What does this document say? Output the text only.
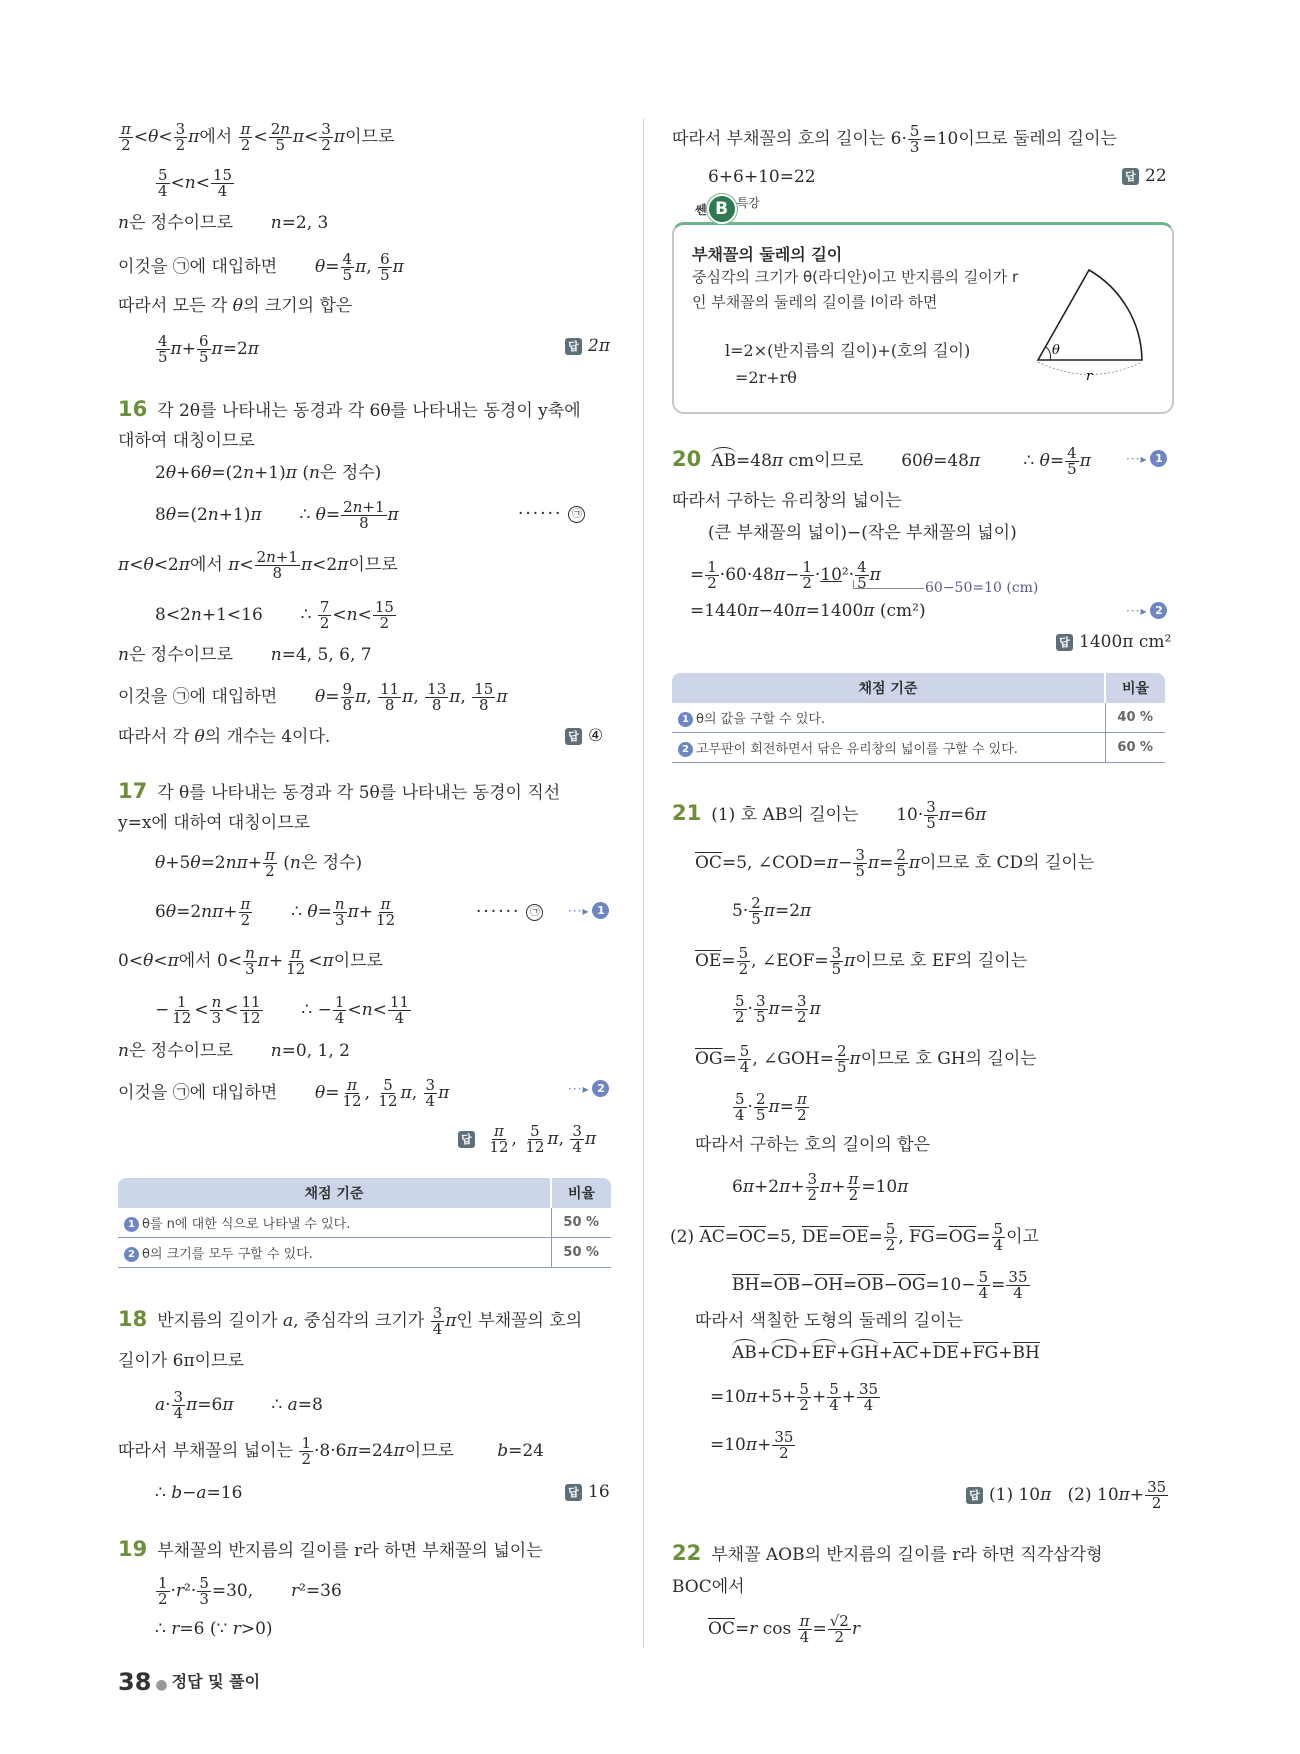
$\frac{\pi}{2} <\theta< \frac{3}{2}$ π에서 $\frac{\pi}{2} < \frac{2n}{5} \pi< \frac{3}{2}$ π이므로
$\frac{5}{4} <n< \frac{15}{4}$
n은 정수이므로       n=2, 3
이것을 ㉠에 대입하면       $\theta= \frac{4}{5} \pi$, $\frac{6}{5}$ π
따라서 모든 각 θ의 크기의 합은
$\frac{4}{5} \pi+ \frac{6}{5} \pi=2\pi$	답 2π
16 각 2θ를 나타내는 동경과 각 6θ를 나타내는 동경이 y축에
대하여 대칭이므로
2θ+6θ=(2n+1)π (n은 정수)
8θ=(2n+1)π       ∴ $\theta= \frac{2n+1}{8}$ π	······ ㉠
π<θ<2π에서 $\pi< \frac{2n+1}{8} \pi<2\pi$이므로
8<2n+1<16       ∴ $\frac{7}{2} <n< \frac{15}{2}$
n은 정수이므로       n=4, 5, 6, 7
이것을 ㉠에 대입하면       $\theta= \frac{9}{8} \pi$, $\frac{11}{8} \pi$, $\frac{13}{8} \pi$, $\frac{15}{8}$ π
따라서 각 θ의 개수는 4이다.	답 ④
17 각 θ를 나타내는 동경과 각 5θ를 나타내는 동경이 직선
y=x에 대하여 대칭이므로
$\theta+5\theta=2n\pi+ \frac{\pi}{2} (n$은 정수)
$6\theta=2n\pi+ \frac{\pi}{2}$ ∴ $\theta= \frac{n}{3} \pi+ \frac{\pi}{12}$	······ ㉠ ···▸ 1
0<θ<π에서 $0< \frac{n}{3} \pi+ \frac{\pi}{12} <\pi$이므로
− $\frac{1}{12} < \frac{n}{3} < \frac{11}{12}$ ∴ − $\frac{1}{4} <n< \frac{11}{4}$
n은 정수이므로       n=0, 1, 2
이것을 ㉠에 대입하면       $\theta= \frac{\pi}{12}$ , $\frac{5}{12} \pi$, $\frac{3}{4}$ π	···▸ 2
답 $\frac{\pi}{12}$ , $\frac{5}{12} \pi$, $\frac{3}{4}$ π
채점 기준	비율
1 θ를 n에 대한 식으로 나타낼 수 있다.	50 %
2 θ의 크기를 모두 구할 수 있다.	50 %
18 반지름의 길이가 a, 중심각의 크기가 $\frac{3}{4}$ π인 부채꼴의 호의
길이가 6π이므로
$a\cdot \frac{3}{4} \pi=6\pi$       ∴ a=8
따라서 부채꼴의 넓이는 $\frac{1}{2} \cdot 8\cdot 6\pi=24\pi$이므로        b=24
∴ b−a=16	답 16
19 부채꼴의 반지름의 길이를 r라 하면 부채꼴의 넓이는
$\frac{1}{2} \cdot r^2\cdot \frac{5}{3} =30$,       r²=36
∴ r=6 (∵ r>0)
따라서 부채꼴의 호의 길이는 $6\cdot \frac{5}{3} =10$이므로 둘레의 길이는
6+6+10=22	답 22
쎈 B $^{특강}$
부채꼴의 둘레의 길이
중심각의 크기가 θ(라디안)이고 반지름의 길이가 r인 부채꼴의 둘레의 길이를 l이라 하면
l=2×(반지름의 길이)+(호의 길이)
=2r+rθ
θ
r
20 AB=48π cm이므로       60θ=48π        ∴ $\theta= \frac{4}{5}$ π	···▸ 1
따라서 구하는 유리창의 넓이는
(큰 부채꼴의 넓이)−(작은 부채꼴의 넓이)
= $\frac{1}{2} \cdot 60\cdot 48\pi- \frac{1}{2} \cdot 10^2\cdot \frac{4}{5}$ π
60−50=10 (cm)
=1440π−40π=1400π (cm²)	···▸ 2
답 1400π cm²
채점 기준	비율
1 θ의 값을 구할 수 있다.	40 %
2 고무판이 회전하면서 닦은 유리창의 넓이를 구할 수 있다.	60 %
21 (1) 호 AB의 길이는       $10\cdot \frac{3}{5} \pi=6\pi$
$\overline{OC}=5$, ∠COD=π− $\frac{3}{5} \pi= \frac{2}{5}$ π이므로 호 CD의 길이는
$5\cdot \frac{2}{5} \pi=2\pi$
$\overline{OE}= \frac{5}{2}$ , ∠EOF= $\frac{3}{5}$ π이므로 호 EF의 길이는
$\frac{5}{2} \cdot \frac{3}{5} \pi= \frac{3}{2}$ π
$\overline{OG}= \frac{5}{4}$ , ∠GOH= $\frac{2}{5}$ π이므로 호 GH의 길이는
$\frac{5}{4} \cdot \frac{2}{5} \pi= \frac{\pi}{2}$
따라서 구하는 호의 길이의 합은
$6\pi+2\pi+ \frac{3}{2} \pi+ \frac{\pi}{2} =10\pi$
(2) $\overline{AC}=\overline{OC}=5$, $\overline{DE}=\overline{OE}= \frac{5}{2}$ , $\overline{FG}=\overline{OG}= \frac{5}{4}$ 이고
$\overline{BH}=\overline{OB}-\overline{OH}=\overline{OB}-\overline{OG}=10- \frac{5}{4} = \frac{35}{4}$
따라서 색칠한 도형의 둘레의 길이는
$AB+CD+EF+GH+\overline{AC}+\overline{DE}+\overline{FG}+\overline{BH}$
$=10\pi+5+ \frac{5}{2} + \frac{5}{4} + \frac{35}{4}$
$=10\pi+ \frac{35}{2}$
답 (1) 10π   (2) $10\pi+ \frac{35}{2}$
22 부채꼴 AOB의 반지름의 길이를 r라 하면 직각삼각형
BOC에서
$\overline{OC}=r$ $\cos \frac{\pi}{4} = \frac{√2}{2}$ r
38 ● 정답 및 풀이
